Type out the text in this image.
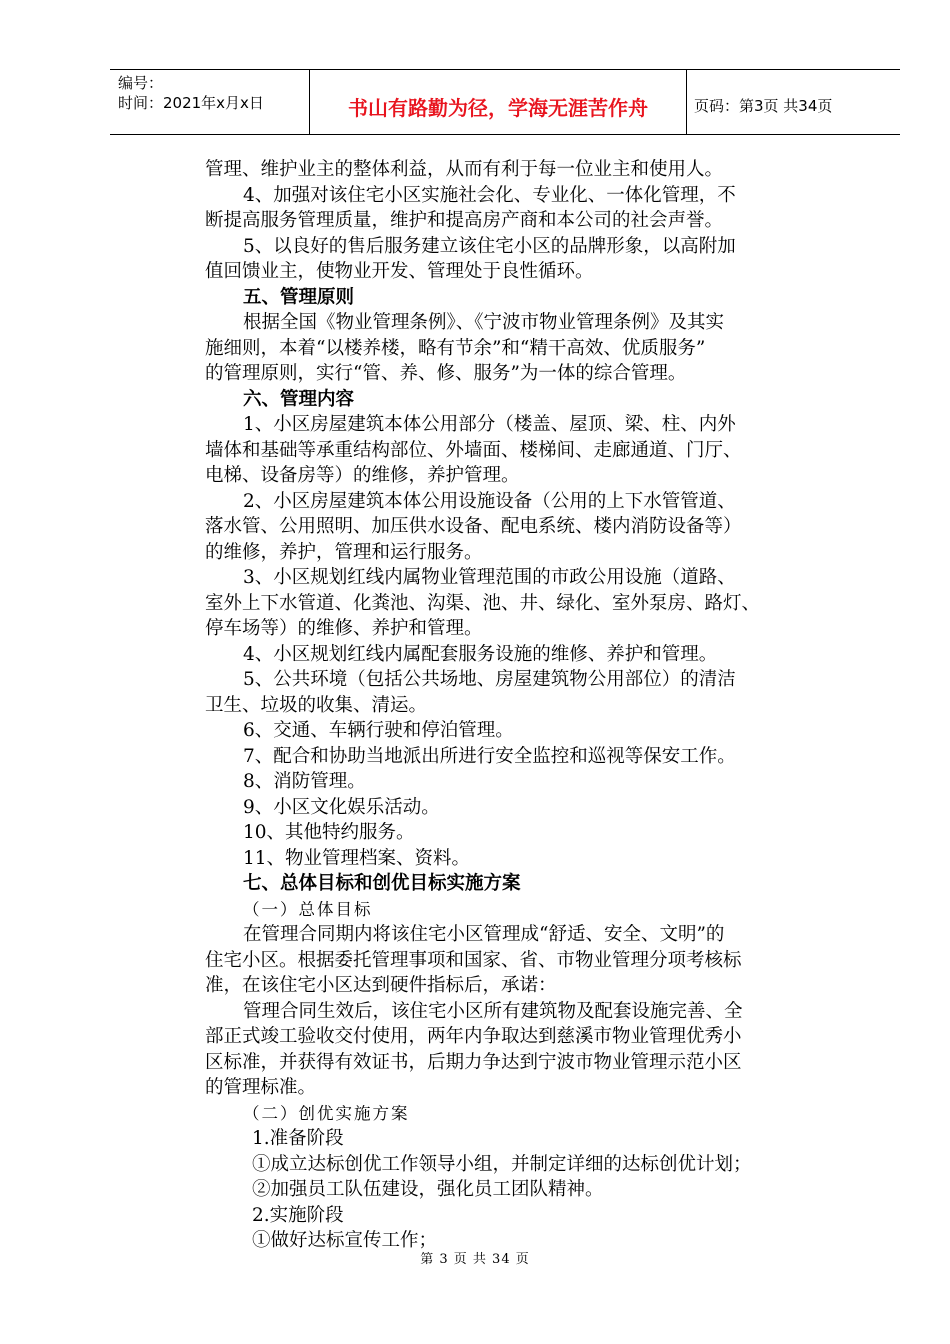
编号：
时间：2021年x月x日	书山有路勤为径，学海无涯苦作舟	页码：第3页 共34页
管理、维护业主的整体利益，从而有利于每一位业主和使用人。
4、加强对该住宅小区实施社会化、专业化、一体化管理，不
断提高服务管理质量，维护和提高房产商和本公司的社会声誉。
5、以良好的售后服务建立该住宅小区的品牌形象，以高附加
值回馈业主，使物业开发、管理处于良性循环。
五、管理原则
根据全国《物业管理条例》、《宁波市物业管理条例》及其实
施细则，本着“以楼养楼，略有节余”和“精干高效、优质服务”
的管理原则，实行“管、养、修、服务”为一体的综合管理。
六、管理内容
1、小区房屋建筑本体公用部分（楼盖、屋顶、梁、柱、内外
墙体和基础等承重结构部位、外墙面、楼梯间、走廊通道、门厅、
电梯、设备房等）的维修，养护管理。
2、小区房屋建筑本体公用设施设备（公用的上下水管管道、
落水管、公用照明、加压供水设备、配电系统、楼内消防设备等）
的维修，养护，管理和运行服务。
3、小区规划红线内属物业管理范围的市政公用设施（道路、
室外上下水管道、化粪池、沟渠、池、井、绿化、室外泵房、路灯、
停车场等）的维修、养护和管理。
4、小区规划红线内属配套服务设施的维修、养护和管理。
5、公共环境（包括公共场地、房屋建筑物公用部位）的清洁
卫生、垃圾的收集、清运。
6、交通、车辆行驶和停泊管理。
7、配合和协助当地派出所进行安全监控和巡视等保安工作。
8、消防管理。
9、小区文化娱乐活动。
10、其他特约服务。
11、物业管理档案、资料。
七、总体目标和创优目标实施方案
（一）总体目标
在管理合同期内将该住宅小区管理成“舒适、安全、文明”的
住宅小区。根据委托管理事项和国家、省、市物业管理分项考核标
准，在该住宅小区达到硬件指标后，承诺：
管理合同生效后，该住宅小区所有建筑物及配套设施完善、全
部正式竣工验收交付使用，两年内争取达到慈溪市物业管理优秀小
区标准，并获得有效证书，后期力争达到宁波市物业管理示范小区
的管理标准。
（二）创优实施方案
1.准备阶段
①成立达标创优工作领导小组，并制定详细的达标创优计划；
②加强员工队伍建设，强化员工团队精神。
2.实施阶段
①做好达标宣传工作；
第 3 页 共 34 页
